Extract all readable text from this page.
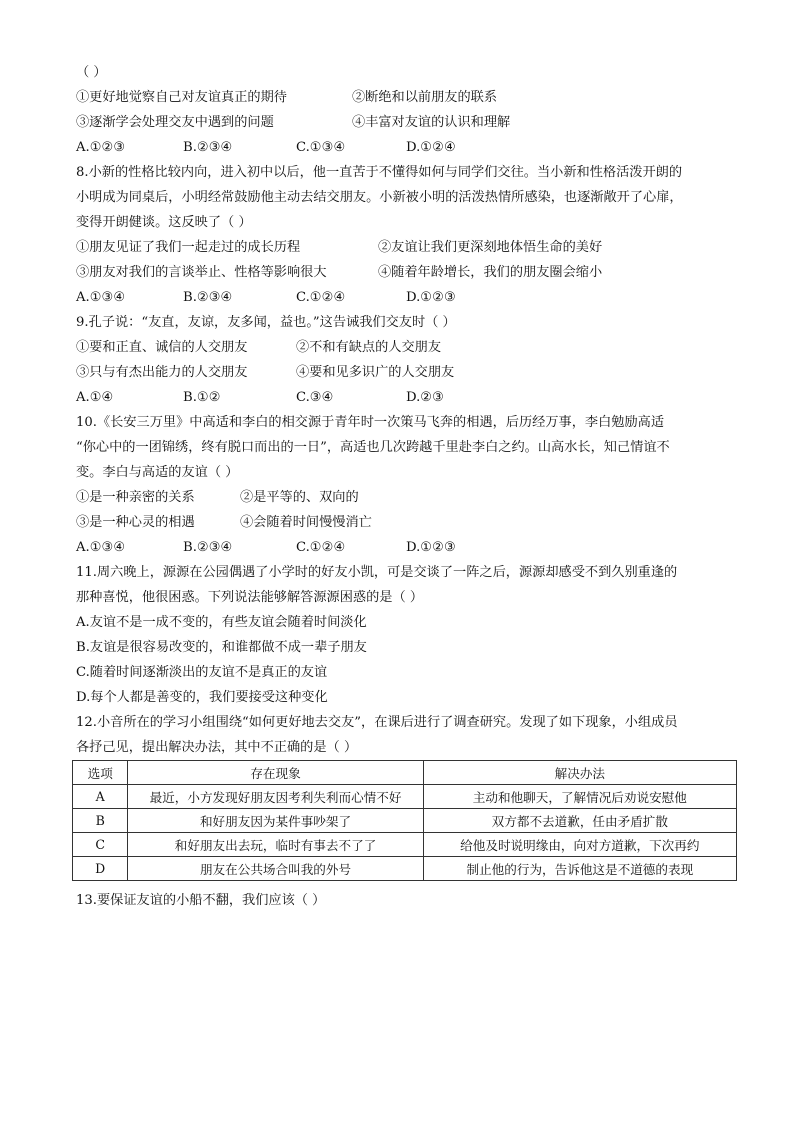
（ ）
①更好地觉察自己对友谊真正的期待	②断绝和以前朋友的联系
③逐渐学会处理交友中遇到的问题	④丰富对友谊的认识和理解
A.①②③	B.②③④	C.①③④	D.①②④
8.小新的性格比较内向，进入初中以后，他一直苦于不懂得如何与同学们交往。当小新和性格活泼开朗的
小明成为同桌后，小明经常鼓励他主动去结交朋友。小新被小明的活泼热情所感染，也逐渐敞开了心扉，
变得开朗健谈。这反映了（ ）
①朋友见证了我们一起走过的成长历程	②友谊让我们更深刻地体悟生命的美好
③朋友对我们的言谈举止、性格等影响很大	④随着年龄增长，我们的朋友圈会缩小
A.①③④	B.②③④	C.①②④	D.①②③
9.孔子说：“友直，友谅，友多闻，益也。”这告诫我们交友时（ ）
①要和正直、诚信的人交朋友	②不和有缺点的人交朋友
③只与有杰出能力的人交朋友	④要和见多识广的人交朋友
A.①④	B.①②	C.③④	D.②③
10.《长安三万里》中高适和李白的相交源于青年时一次策马飞奔的相遇，后历经万事，李白勉励高适
“你心中的一团锦绣，终有脱口而出的一日”，高适也几次跨越千里赴李白之约。山高水长，知己情谊不
变。李白与高适的友谊（ ）
①是一种亲密的关系	②是平等的、双向的
③是一种心灵的相遇	④会随着时间慢慢消亡
A.①③④	B.②③④	C.①②④	D.①②③
11.周六晚上，源源在公园偶遇了小学时的好友小凯，可是交谈了一阵之后，源源却感受不到久别重逢的
那种喜悦，他很困惑。下列说法能够解答源源困惑的是（ ）
A.友谊不是一成不变的，有些友谊会随着时间淡化
B.友谊是很容易改变的，和谁都做不成一辈子朋友
C.随着时间逐渐淡出的友谊不是真正的友谊
D.每个人都是善变的，我们要接受这种变化
12.小音所在的学习小组围绕“如何更好地去交友”，在课后进行了调查研究。发现了如下现象，小组成员
各抒己见，提出解决办法，其中不正确的是（ ）
选项	存在现象	解决办法
A	最近，小方发现好朋友因考利失利而心情不好	主动和他聊天，了解情况后劝说安慰他
B	和好朋友因为某件事吵架了	双方都不去道歉，任由矛盾扩散
C	和好朋友出去玩，临时有事去不了了	给他及时说明缘由，向对方道歉，下次再约
D	朋友在公共场合叫我的外号	制止他的行为，告诉他这是不道德的表现
13.要保证友谊的小船不翻，我们应该（ ）
